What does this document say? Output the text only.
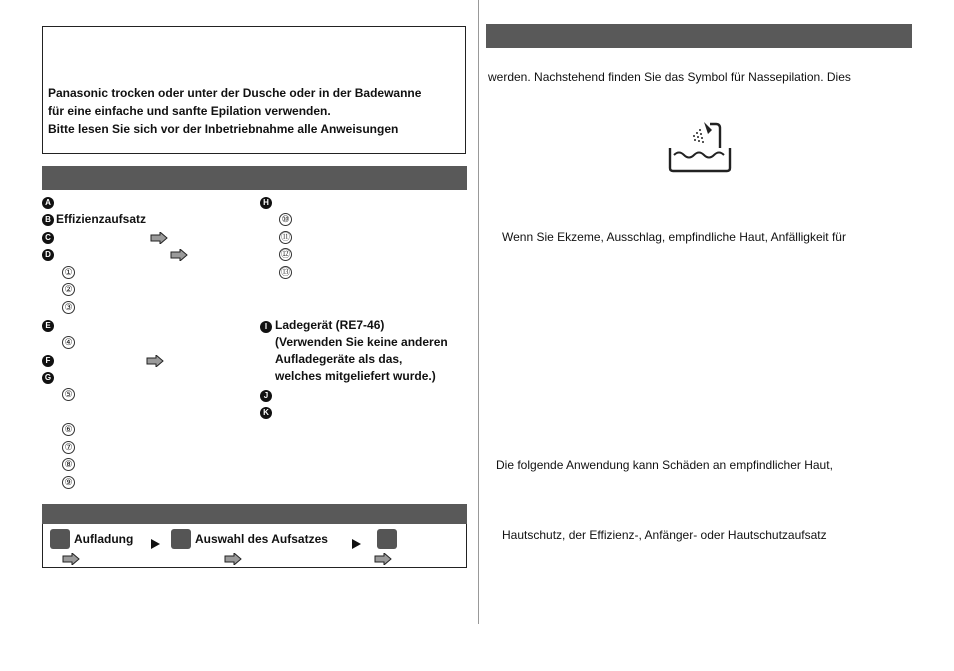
Panasonic trocken oder unter der Dusche oder in der Badewanne
für eine einfache und sanfte Epilation verwenden.
Bitte lesen Sie sich vor der Inbetriebnahme alle Anweisungen
A
B Effizienzaufsatz
C
D
①
②
③
E
④
F
G
⑤
⑥
⑦
⑧
⑨
H
⑩
⑪
⑫
⑬
I Ladegerät (RE7-46)
(Verwenden Sie keine anderen
Aufladegeräte als das,
welches mitgeliefert wurde.)
J
K
Aufladung	Auswahl des Aufsatzes
werden. Nachstehend finden Sie das Symbol für Nassepilation. Dies
Wenn Sie Ekzeme, Ausschlag, empfindliche Haut, Anfälligkeit für
Die folgende Anwendung kann Schäden an empfindlicher Haut,
Hautschutz, der Effizienz-, Anfänger- oder Hautschutzaufsatz
